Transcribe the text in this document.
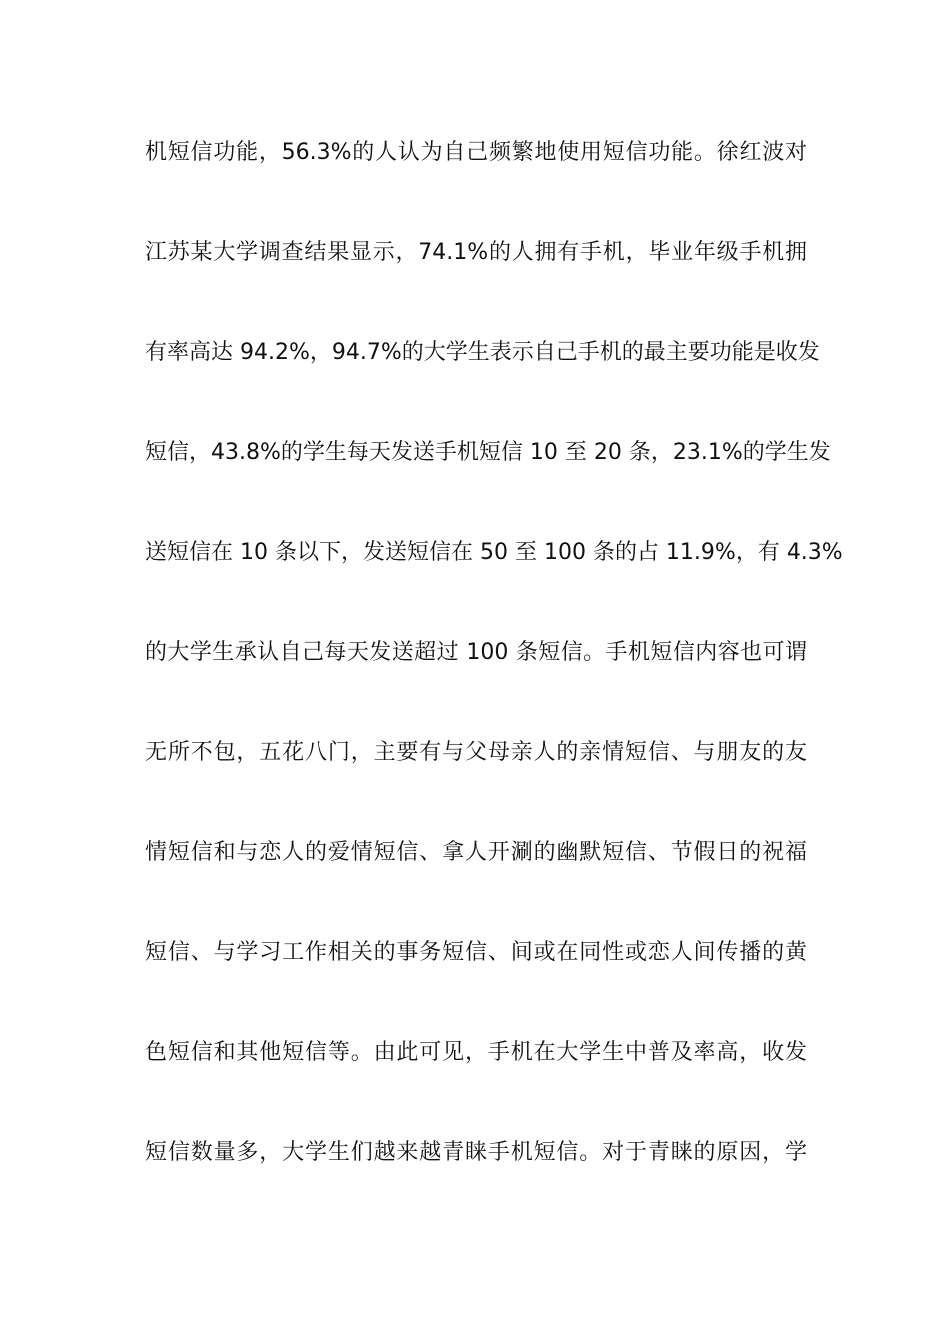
机短信功能，56.3%的人认为自己频繁地使用短信功能。徐红波对
江苏某大学调查结果显示，74.1%的人拥有手机，毕业年级手机拥
有率高达 94.2%，94.7%的大学生表示自己手机的最主要功能是收发
短信，43.8%的学生每天发送手机短信 10 至 20 条，23.1%的学生发
送短信在 10 条以下，发送短信在 50 至 100 条的占 11.9%，有 4.3%
的大学生承认自己每天发送超过 100 条短信。手机短信内容也可谓
无所不包，五花八门，主要有与父母亲人的亲情短信、与朋友的友
情短信和与恋人的爱情短信、拿人开涮的幽默短信、节假日的祝福
短信、与学习工作相关的事务短信、间或在同性或恋人间传播的黄
色短信和其他短信等。由此可见，手机在大学生中普及率高，收发
短信数量多，大学生们越来越青睐手机短信。对于青睐的原因，学
